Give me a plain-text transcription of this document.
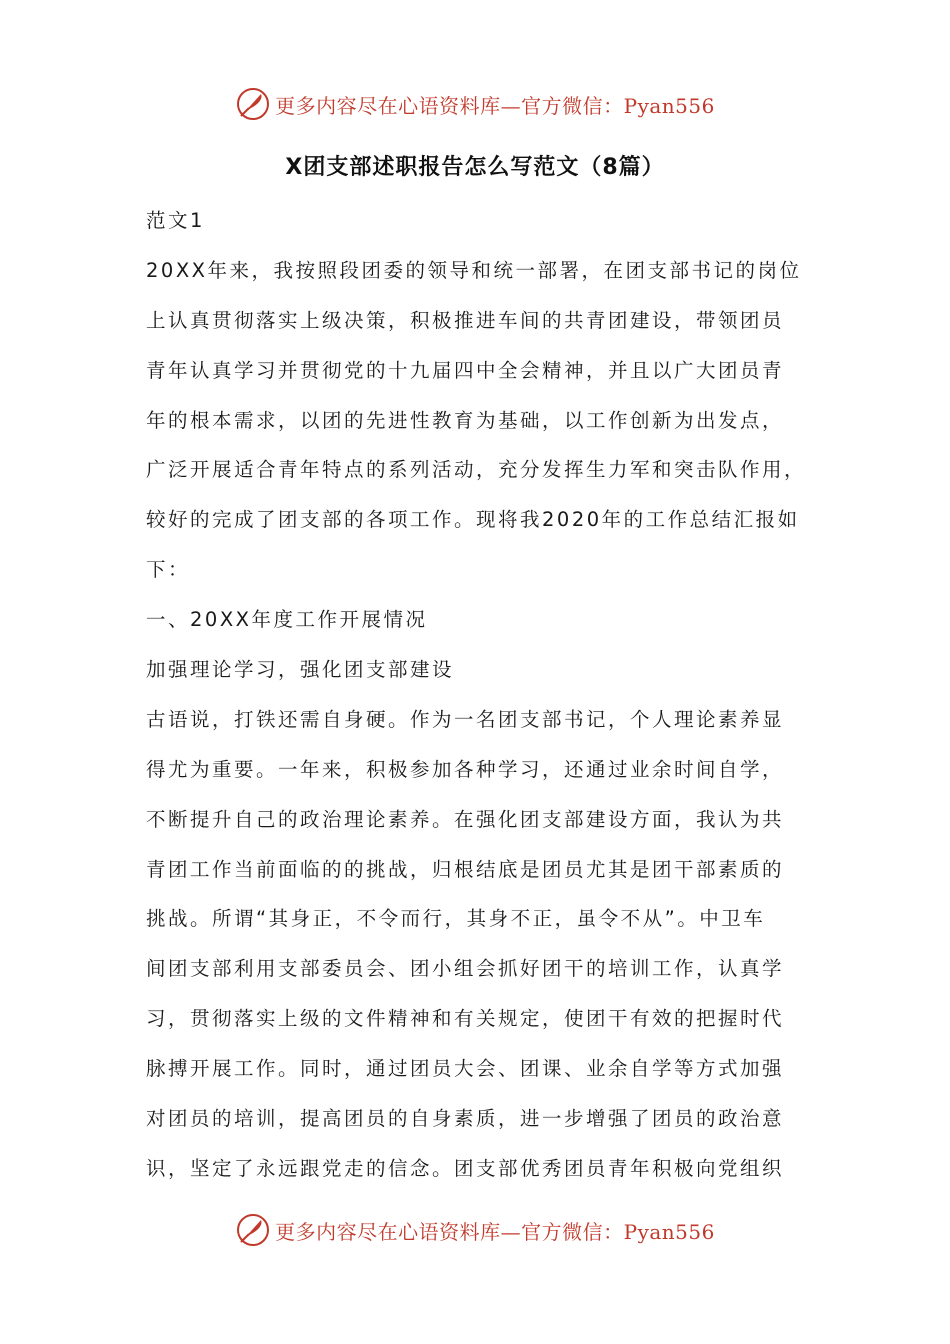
更多内容尽在心语资料库—官方微信：Pyan556
X团支部述职报告怎么写范文（8篇）
范文1
20XX年来，我按照段团委的领导和统一部署，在团支部书记的岗位
上认真贯彻落实上级决策，积极推进车间的共青团建设，带领团员
青年认真学习并贯彻党的十九届四中全会精神，并且以广大团员青
年的根本需求，以团的先进性教育为基础，以工作创新为出发点，
广泛开展适合青年特点的系列活动，充分发挥生力军和突击队作用，
较好的完成了团支部的各项工作。现将我2020年的工作总结汇报如
下：
一、20XX年度工作开展情况
加强理论学习，强化团支部建设
古语说，打铁还需自身硬。作为一名团支部书记，个人理论素养显
得尤为重要。一年来，积极参加各种学习，还通过业余时间自学，
不断提升自己的政治理论素养。在强化团支部建设方面，我认为共
青团工作当前面临的的挑战，归根结底是团员尤其是团干部素质的
挑战。所谓“其身正，不令而行，其身不正，虽令不从”。中卫车
间团支部利用支部委员会、团小组会抓好团干的培训工作，认真学
习，贯彻落实上级的文件精神和有关规定，使团干有效的把握时代
脉搏开展工作。同时，通过团员大会、团课、业余自学等方式加强
对团员的培训，提高团员的自身素质，进一步增强了团员的政治意
识，坚定了永远跟党走的信念。团支部优秀团员青年积极向党组织
更多内容尽在心语资料库—官方微信：Pyan556
